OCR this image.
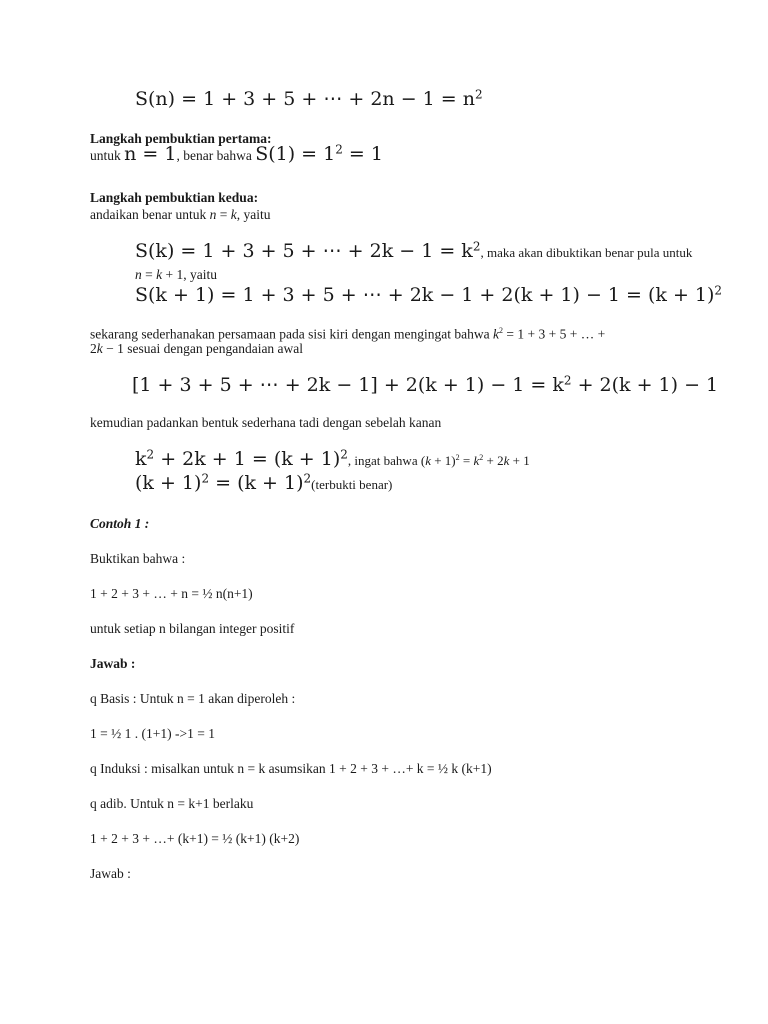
S(n) = 1 + 3 + 5 + ⋯ + $2n - 1 = n^2$
Langkah pembuktian pertama:
untuk n = 1, benar bahwa $S(1) = 1^2 = 1$
Langkah pembuktian kedua:
andaikan benar untuk n = k, yaitu
S(k) = 1 + 3 + 5 + ⋯ + $2k - 1 = k^2$, maka akan dibuktikan benar pula untuk
n = k + 1, yaitu
S(k + 1) = 1 + 3 + 5 + ⋯ + $2k - 1 + 2(k + 1) - 1 = (k + 1)^2$
sekarang sederhanakan persamaan pada sisi kiri dengan mengingat bahwa $k^2 = 1 + 3 + 5$ + … +
2k − 1 sesuai dengan pengandaian awal
[1 + 3 + 5 + ⋯ + $2k - 1] + 2(k + 1) - 1 = k^2 + 2(k + 1) - 1$
kemudian padankan bentuk sederhana tadi dengan sebelah kanan
$k^2 + 2k + 1 = (k + 1)^2$, ingat bahwa $(k + 1)^2 = k^2 + 2k + 1$
$(k + 1)^2 = (k$ + $1)^2(terbukti$ benar)
Contoh 1 :
Buktikan bahwa :
1 + 2 + 3 + … + n = ½ n(n+1)
untuk setiap n bilangan integer positif
Jawab :
q Basis : Untuk n = 1 akan diperoleh :
1 = ½ 1 . (1+1) ->1 = 1
q Induksi : misalkan untuk n = k asumsikan 1 + 2 + 3 + …+ k = ½ k (k+1)
q adib. Untuk n = k+1 berlaku
1 + 2 + 3 + …+ (k+1) = ½ (k+1) (k+2)
Jawab :
